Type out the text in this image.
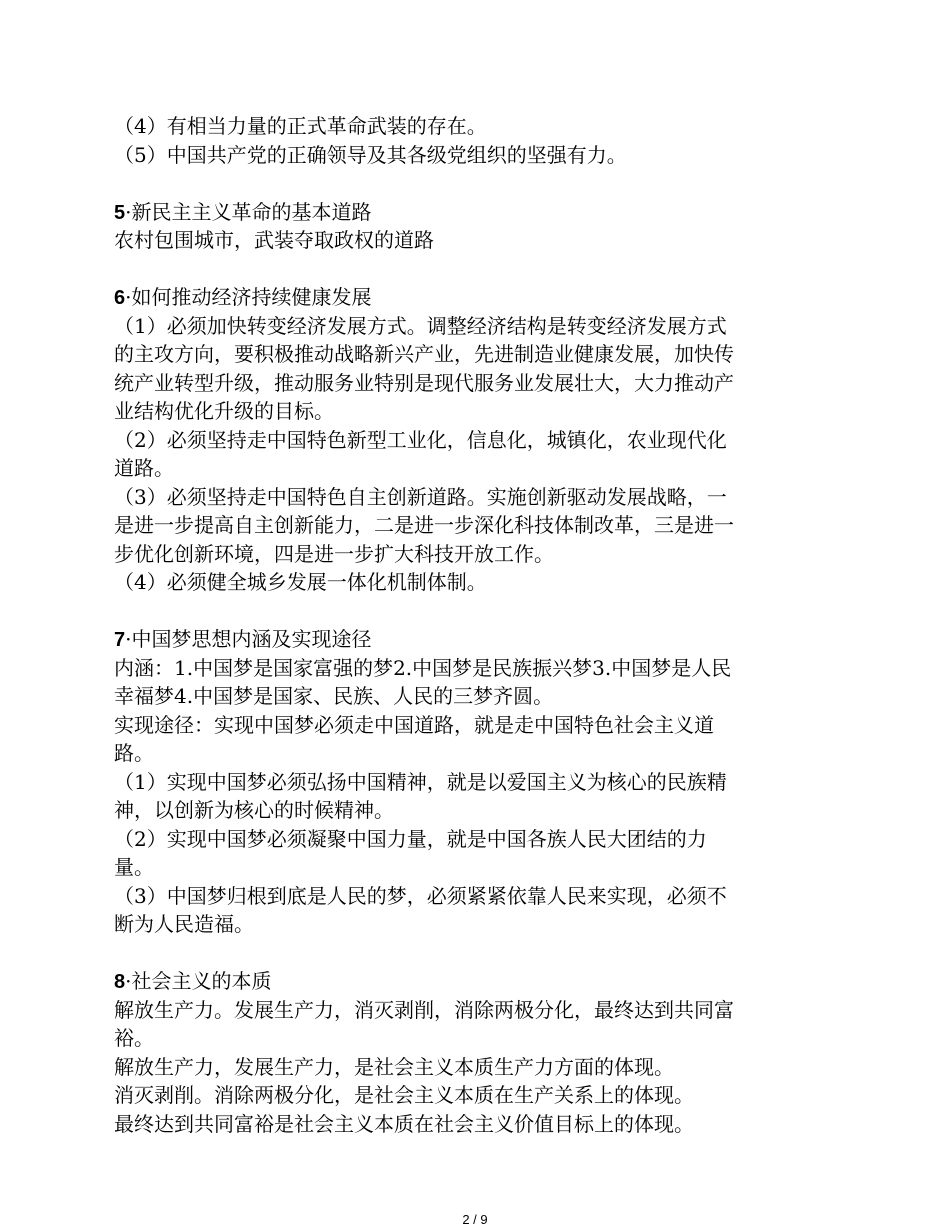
（4）有相当力量的正式革命武装的存在。
（5）中国共产党的正确领导及其各级党组织的坚强有力。
5·新民主主义革命的基本道路
农村包围城市，武装夺取政权的道路
6·如何推动经济持续健康发展
（1）必须加快转变经济发展方式。调整经济结构是转变经济发展方式
的主攻方向，要积极推动战略新兴产业，先进制造业健康发展，加快传
统产业转型升级，推动服务业特别是现代服务业发展壮大，大力推动产
业结构优化升级的目标。
（2）必须坚持走中国特色新型工业化，信息化，城镇化，农业现代化
道路。
（3）必须坚持走中国特色自主创新道路。实施创新驱动发展战略，一
是进一步提高自主创新能力，二是进一步深化科技体制改革，三是进一
步优化创新环境，四是进一步扩大科技开放工作。
（4）必须健全城乡发展一体化机制体制。
7·中国梦思想内涵及实现途径
内涵：1.中国梦是国家富强的梦2.中国梦是民族振兴梦3.中国梦是人民
幸福梦4.中国梦是国家、民族、人民的三梦齐圆。
实现途径：实现中国梦必须走中国道路，就是走中国特色社会主义道
路。
（1）实现中国梦必须弘扬中国精神，就是以爱国主义为核心的民族精
神，以创新为核心的时候精神。
（2）实现中国梦必须凝聚中国力量，就是中国各族人民大团结的力
量。
（3）中国梦归根到底是人民的梦，必须紧紧依靠人民来实现，必须不
断为人民造福。
8·社会主义的本质
解放生产力。发展生产力，消灭剥削，消除两极分化，最终达到共同富
裕。
解放生产力，发展生产力，是社会主义本质生产力方面的体现。
消灭剥削。消除两极分化，是社会主义本质在生产关系上的体现。
最终达到共同富裕是社会主义本质在社会主义价值目标上的体现。
2 / 9
